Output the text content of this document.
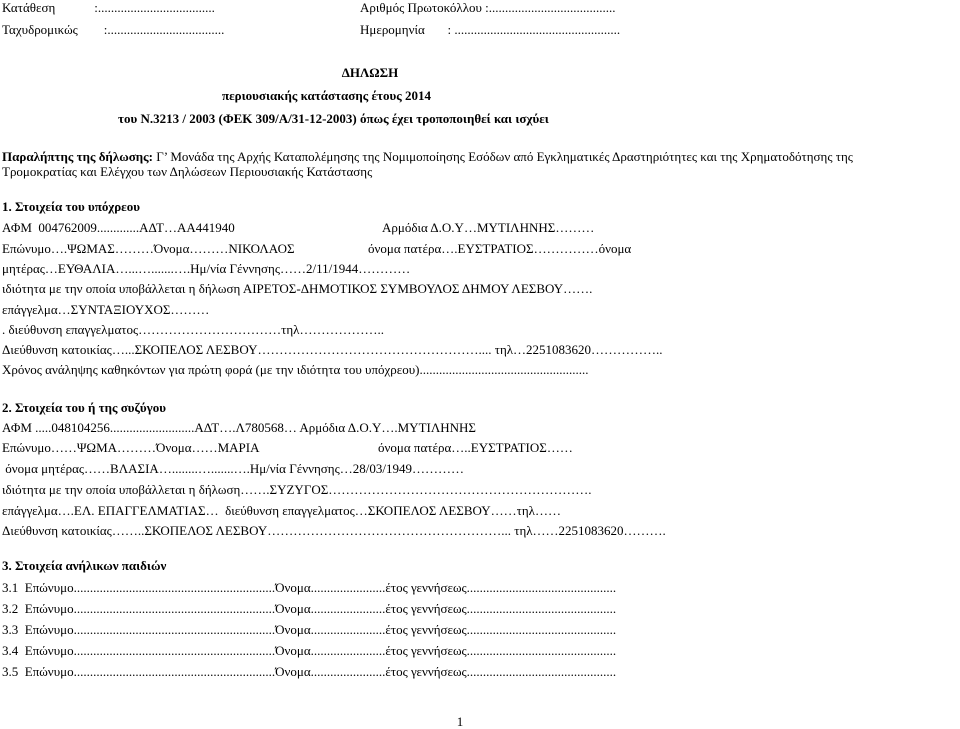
Κατάθεση            :....................................	Αριθμός Πρωτοκόλλου :.......................................
Ταχυδρομικώς        :....................................	Ημερομηνία       : ...................................................
ΔΗΛΩΣΗ
περιουσιακής κατάστασης έτους 2014
του Ν.3213 / 2003 (ΦΕΚ 309/Α/31-12-2003) όπως έχει τροποποιηθεί και ισχύει
Παραλήπτης της δήλωσης: Γ’ Μονάδα της Αρχής Καταπολέμησης της Νομιμοποίησης Εσόδων από Εγκληματικές Δραστηριότητες και της Χρηματοδότησης της
Τρομοκρατίας και Ελέγχου των Δηλώσεων Περιουσιακής Κατάστασης
1. Στοιχεία του υπόχρεου
ΑΦΜ  004762009.............ΑΔΤ…ΑΑ441940	Αρμόδια Δ.Ο.Υ…ΜΥΤΙΛΗΝΗΣ………
Επώνυμο….ΨΩΜΑΣ………Όνομα………ΝΙΚΟΛΑΟΣ	όνομα πατέρα….ΕΥΣΤΡΑΤΙΟΣ……………όνομα
μητέρας…ΕΥΘΑΛΙΑ…...….......….Ημ/νία Γέννησης……2/11/1944…………
ιδιότητα με την οποία υποβάλλεται η δήλωση ΑΙΡΕΤΟΣ-ΔΗΜΟΤΙΚΟΣ ΣΥΜΒΟΥΛΟΣ ΔΗΜΟΥ ΛΕΣΒΟΥ…….
επάγγελμα…ΣΥΝΤΑΞΙΟΥΧΟΣ………
. διεύθυνση επαγγελματος……………………………τηλ………………..
Διεύθυνση κατοικίας…...ΣΚΟΠΕΛΟΣ ΛΕΣΒΟΥ…………………………………………….... τηλ…2251083620……………..
Χρόνος ανάληψης καθηκόντων για πρώτη φορά (με την ιδιότητα του υπόχρεου)....................................................
2. Στοιχεία του ή της συζύγου
ΑΦΜ .....048104256..........................ΑΔΤ….Λ780568… Αρμόδια Δ.Ο.Υ….ΜΥΤΙΛΗΝΗΣ
Επώνυμο……ΨΩΜΑ………Όνομα……ΜΑΡΙΑ	όνομα πατέρα…..ΕΥΣΤΡΑΤΙΟΣ……
όνομα μητέρας……ΒΛΑΣΙΑ…........….......….Ημ/νία Γέννησης…28/03/1949…………
ιδιότητα με την οποία υποβάλλεται η δήλωση…….ΣΥΖΥΓΟΣ…………………………………………………….
επάγγελμα….ΕΛ. ΕΠΑΓΓΕΛΜΑΤΙΑΣ…  διεύθυνση επαγγελματος…ΣΚΟΠΕΛΟΣ ΛΕΣΒΟΥ……τηλ……
Διεύθυνση κατοικίας……..ΣΚΟΠΕΛΟΣ ΛΕΣΒΟΥ………………………………………………... τηλ……2251083620……….
3. Στοιχεία ανήλικων παιδιών
3.1  Επώνυμο..............................................................Όνομα.......................έτος γεννήσεως..............................................
3.2  Επώνυμο..............................................................Όνομα.......................έτος γεννήσεως..............................................
3.3  Επώνυμο..............................................................Όνομα.......................έτος γεννήσεως..............................................
3.4  Επώνυμο..............................................................Όνομα.......................έτος γεννήσεως..............................................
3.5  Επώνυμο..............................................................Όνομα.......................έτος γεννήσεως..............................................
1
